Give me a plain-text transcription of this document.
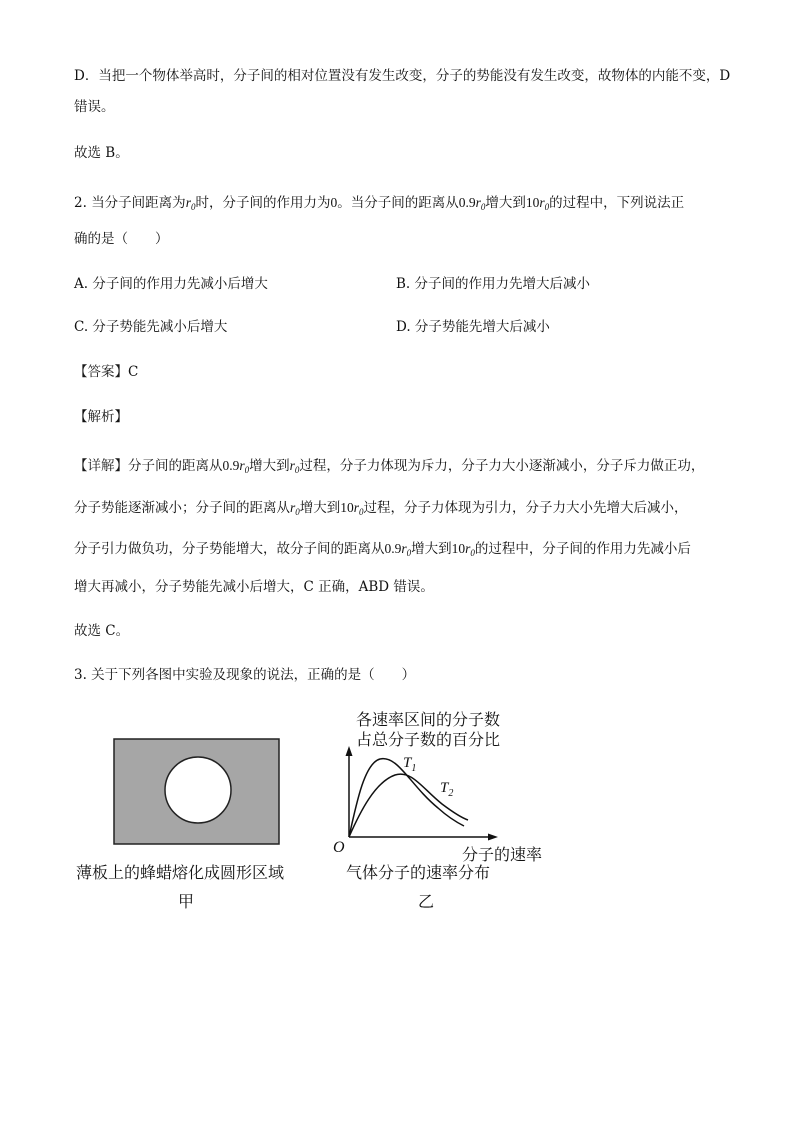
D．当把一个物体举高时，分子间的相对位置没有发生改变，分子的势能没有发生改变，故物体的内能不变，D
错误。
故选 B。
2. 当分子间距离为$r_0$时，分子间的作用力为0。当分子间的距离从$0.9r_0$增大到$10r_0$的过程中，下列说法正
确的是（　　）
A. 分子间的作用力先减小后增大	B. 分子间的作用力先增大后减小
C. 分子势能先减小后增大	D. 分子势能先增大后减小
【答案】C
【解析】
【详解】分子间的距离从$0.9r_0$增大到$r_0$过程，分子力体现为斥力，分子力大小逐渐减小，分子斥力做正功，
分子势能逐渐减小；分子间的距离从$r_0$增大到$10r_0$过程，分子力体现为引力，分子力大小先增大后减小，
分子引力做负功，分子势能增大，故分子间的距离从$0.9r_0$增大到$10r_0$的过程中，分子间的作用力先减小后
增大再减小，分子势能先减小后增大，C 正确，ABD 错误。
故选 C。
3. 关于下列各图中实验及现象的说法，正确的是（　　）
薄板上的蜂蜡熔化成圆形区域
甲
各速率区间的分子数
占总分子数的百分比
O
$T_1$
$T_2$
分子的速率
气体分子的速率分布
乙
